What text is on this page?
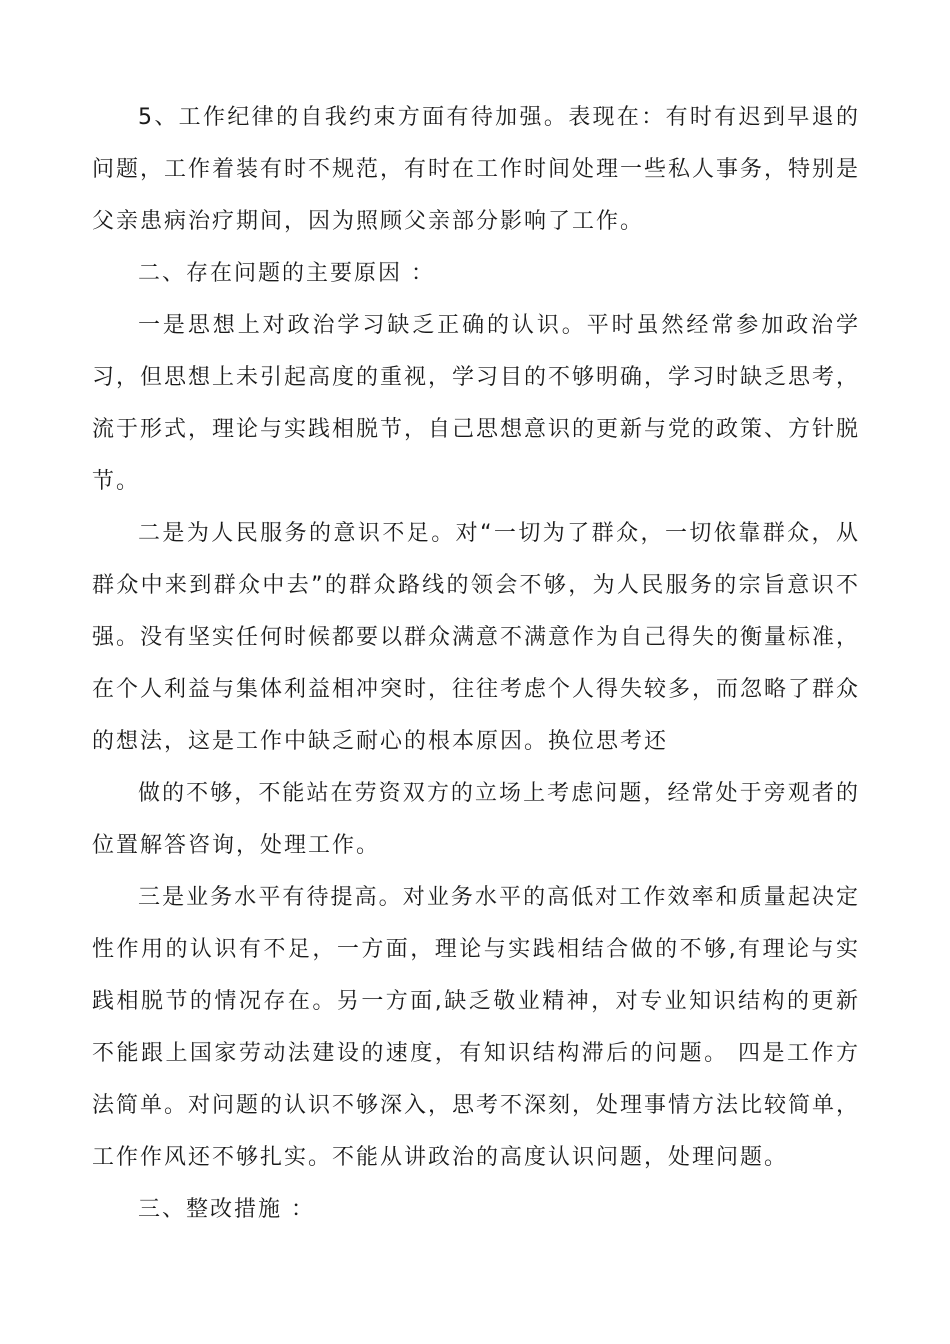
5、工作纪律的自我约束方面有待加强。表现在：有时有迟到早退的问题，工作着装有时不规范，有时在工作时间处理一些私人事务，特别是父亲患病治疗期间，因为照顾父亲部分影响了工作。

二、存在问题的主要原因 ：

一是思想上对政治学习缺乏正确的认识。平时虽然经常参加政治学习，但思想上未引起高度的重视，学习目的不够明确，学习时缺乏思考，流于形式，理论与实践相脱节，自己思想意识的更新与党的政策、方针脱节。

二是为人民服务的意识不足。对“一切为了群众，一切依靠群众，从群众中来到群众中去”的群众路线的领会不够，为人民服务的宗旨意识不强。没有坚实任何时候都要以群众满意不满意作为自己得失的衡量标准，在个人利益与集体利益相冲突时，往往考虑个人得失较多，而忽略了群众的想法，这是工作中缺乏耐心的根本原因。换位思考还

做的不够，不能站在劳资双方的立场上考虑问题，经常处于旁观者的位置解答咨询，处理工作。

三是业务水平有待提高。对业务水平的高低对工作效率和质量起决定性作用的认识有不足，一方面，理论与实践相结合做的不够,有理论与实践相脱节的情况存在。另一方面,缺乏敬业精神，对专业知识结构的更新不能跟上国家劳动法建设的速度，有知识结构滞后的问题。 四是工作方法简单。对问题的认识不够深入，思考不深刻，处理事情方法比较简单，工作作风还不够扎实。不能从讲政治的高度认识问题，处理问题。

三、整改措施 ：
